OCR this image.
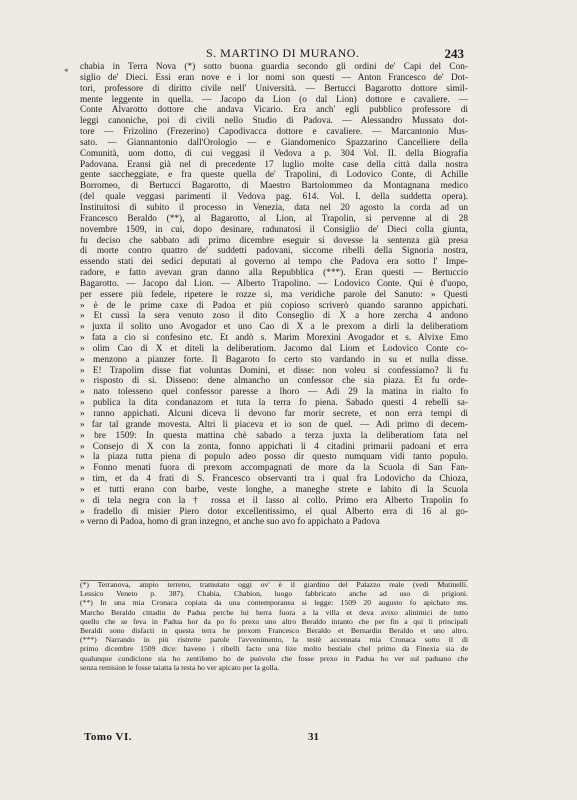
S. MARTINO DI MURANO.	243
* chabia in Terra Nova (*) sotto buona guardia secondo gli ordini de' Capi del Con-
siglio de' Dieci. Essi eran nove e i lor nomi son questi — Anton Francesco de' Dot-
tori, professore di diritto civile nell' Università. — Bertucci Bagarotto dottore simil-
mente leggente in quella. — Jacopo da Lion (o dal Lion) dottore e cavaliere. —
Conte Alvarotto dottore che andava Vicario. Era anch' egli pubblico professore di
leggi canoniche, poi di civili nello Studio di Padova. — Alessandro Mussato dot-
tore — Frizolino (Frezerino) Capodivacca dottore e cavaliere. — Marcantonio Mus-
sato. — Giannantonio dall'Orologio — e Giandomenico Spazzarino Cancelliere della
Comunità, uom dotto, di cui veggasi il Vedova a p. 304 Vol. II. della Biografia
Padovana. Eransi già nel di precedente 17 luglio molte case della città dalla nostra
gente saccheggiate, e fra queste quella de' Trapolini, di Lodovico Conte, di Achille
Borromeo, di Bertucci Bagarotto, di Maestro Bartolommeo da Montagnana medico
(del quale veggasi parimenti il Vedova pag. 614. Vol. I. della suddetta opera).
Instituitosi di subito il processo in Venezia, data nel 20 agosto la corda ad un
Francesco Beraldo (**), al Bagarotto, al Lion, al Trapolin, si pervenne al di 28
novembre 1509, in cui, dopo desinare, radunatosi il Consiglio de' Dieci colla giunta,
fu deciso che sabbato adi primo dicembre eseguir si dovesse la sentenza già presa
di morte contro quattro de' suddetti padovani, siccome ribelli della Signoria nostra,
essendo stati dei sedici deputati al governo al tempo che Padova era sotto l' Impe-
radore, e fatto avevan gran danno alla Repubblica (***). Eran questi — Bertuccio
Bagarotto. — Jacopo dal Lion. — Alberto Trapolino. — Lodovico Conte. Qui è d'uopo,
per essere più fedele, ripetere le rozze sì, ma veridiche parole del Sanuto: » Questi
» è de le prime caxe di Padoa et più copioso scriverò quando saranno appichati.
» Et cussì la sera venuto zoso il dito Conseglio di X a hore zercha 4 andono
» juxta il solito uno Avogador et uno Cao di X a le prexom a dirli la deliberatiom
» fata a cio si confesino etc. Et andò s. Marim Morexini Avogador et s. Alvixe Emo
» olim Cao di X et diteli la deliberatiom. Jacomo dal Liom et Lodovico Conte co-
» menzono a pianzer forte. Il Bagaroto fo certo sto vardando in su et nulla disse.
» E! Trapolim disse fiat voluntas Domini, et disse: non voleu si confessiamo? li fu
» risposto di si. Disseno: dene almancho un confessor che sia piaza. Et fu orde-
» nato tolesseno quel confessor paresse a lhoro — Adi 29 la matina in rialto fo
» publica la dita condanazom et tuta la terra fo piena. Sabado questi 4 rebelli sa-
» ranno appichati. Alcuni diceva li devono far morir secrete, et non erra tempi di
» far tal grande movesta. Altri li piaceva et io son de quel. — Adi primo di decem-
» bre 1509: In questa mattina chè sabado a terza juxta la deliberatiom fata nel
» Consejo di X con la zonta, fonno appichati li 4 citadini primarii padoani et erra
» la piaza tutta piena di populo adeo posso dir questo numquam vidi tanto populo.
» Fonno menati fuora di prexom accompagnati de more da la Scuola di San Fan-
» tim, et da 4 frati di S. Francesco observanti tra i qual fra Lodovicho da Chioza,
» et tutti erano con barbe, veste longhe, a maneghe strete e labito di la Scuola
» di tela negra con la † rossa et il lasso al collo. Primo era Alberto Trapolin fo
» fradello di misier Piero dotor excellentissimo, el qual Alberto erra di 16 al go-
» verno di Padoa, homo di gran inzegno, et anche suo avo fo appichato a Padova
(*) Terranova, ampio terreno, tramutato oggi ov' è il giardino del Palazzo reale (vedi Mutinelli.
Lessico Veneto p. 387). Chabia, Chabion, luogo fabbricato anche ad uso di prigioni.
(**) In una mia Cronaca copiata da una contemporanea si legge: 1509 20 augusto fo apichato ms.
Marcho Beraldo cittadin de Padua perche lui herra fuora a la villa et deva avixo alinimici de tutto
quello che se feva in Padua hor da po fo prexo uno altro Beraldo intanto che per fin a qui li principali
Beraldi sono disfacti in questa terra he prexom Francesco Beraldo et Bernardin Beraldo et uno altro.
(***) Narrando in più ristrette parole l'avvenimento, la testè accennata mia Cronaca sotto il di
primo dicembre 1509 dice: haveno i ribelli facto una lize molto bestiale chel primo da Finexia sia de
qualunque condicione sia ho zentilomo ho de puòvolo che fosse prexo in Padua ho ver sul paduano che
senza remision le fosse taiatta la testa ho ver apicato per la golla.
Tomo VI.	31
